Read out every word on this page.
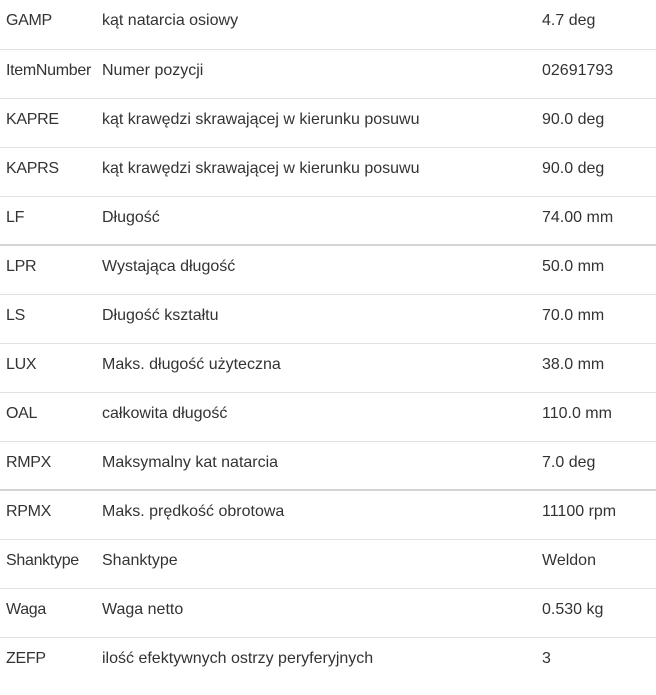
GAMP	kąt natarcia osiowy	4.7 deg
ItemNumber	Numer pozycji	02691793
KAPRE	kąt krawędzi skrawającej w kierunku posuwu	90.0 deg
KAPRS	kąt krawędzi skrawającej w kierunku posuwu	90.0 deg
LF	Długość	74.00 mm
LPR	Wystająca długość	50.0 mm
LS	Długość kształtu	70.0 mm
LUX	Maks. długość użyteczna	38.0 mm
OAL	całkowita długość	110.0 mm
RMPX	Maksymalny kat natarcia	7.0 deg
RPMX	Maks. prędkość obrotowa	11100 rpm
Shanktype	Shanktype	Weldon
Waga	Waga netto	0.530 kg
ZEFP	ilość efektywnych ostrzy peryferyjnych	3
